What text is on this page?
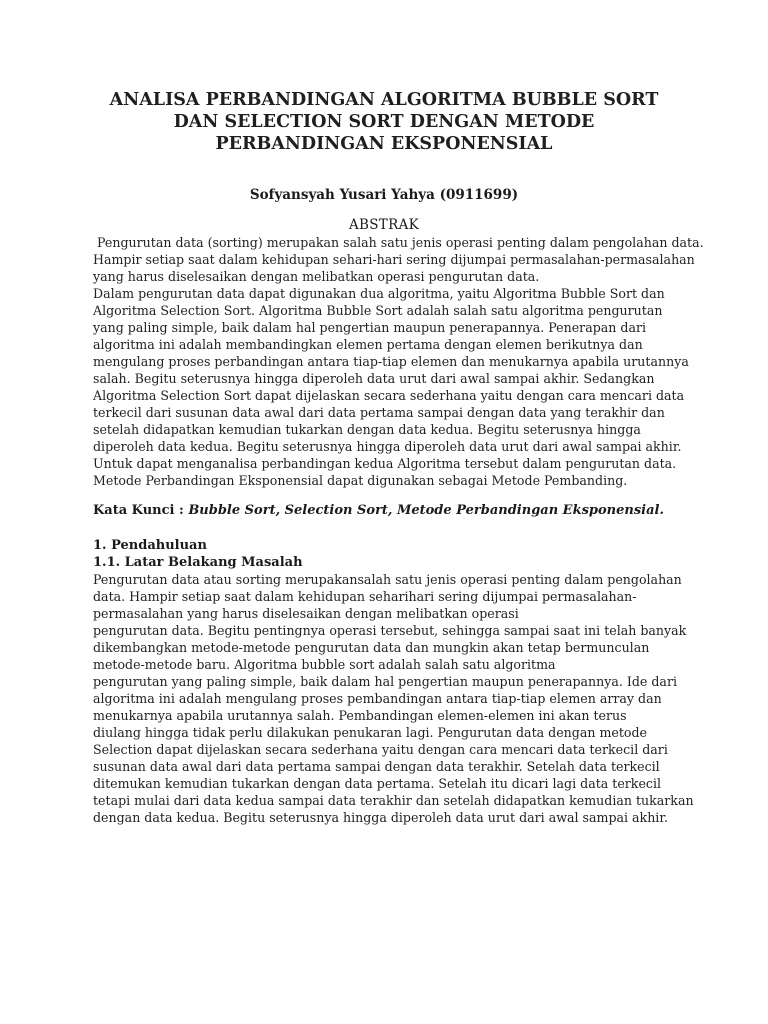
ANALISA PERBANDINGAN ALGORITMA BUBBLE SORT
DAN SELECTION SORT DENGAN METODE
PERBANDINGAN EKSPONENSIAL
Sofyansyah Yusari Yahya (0911699)
ABSTRAK
Pengurutan data (sorting) merupakan salah satu jenis operasi penting dalam pengolahan data.
Hampir setiap saat dalam kehidupan sehari-hari sering dijumpai permasalahan-permasalahan
yang harus diselesaikan dengan melibatkan operasi pengurutan data.
Dalam pengurutan data dapat digunakan dua algoritma, yaitu Algoritma Bubble Sort dan
Algoritma Selection Sort. Algoritma Bubble Sort adalah salah satu algoritma pengurutan
yang paling simple, baik dalam hal pengertian maupun penerapannya. Penerapan dari
algoritma ini adalah membandingkan elemen pertama dengan elemen berikutnya dan
mengulang proses perbandingan antara tiap-tiap elemen dan menukarnya apabila urutannya
salah. Begitu seterusnya hingga diperoleh data urut dari awal sampai akhir. Sedangkan
Algoritma Selection Sort dapat dijelaskan secara sederhana yaitu dengan cara mencari data
terkecil dari susunan data awal dari data pertama sampai dengan data yang terakhir dan
setelah didapatkan kemudian tukarkan dengan data kedua. Begitu seterusnya hingga
diperoleh data kedua. Begitu seterusnya hingga diperoleh data urut dari awal sampai akhir.
Untuk dapat menganalisa perbandingan kedua Algoritma tersebut dalam pengurutan data.
Metode Perbandingan Eksponensial dapat digunakan sebagai Metode Pembanding.
Kata Kunci : Bubble Sort, Selection Sort, Metode Perbandingan Eksponensial.
1. Pendahuluan
1.1. Latar Belakang Masalah
Pengurutan data atau sorting merupakansalah satu jenis operasi penting dalam pengolahan
data. Hampir setiap saat dalam kehidupan seharihari sering dijumpai permasalahan-
permasalahan yang harus diselesaikan dengan melibatkan operasi
pengurutan data. Begitu pentingnya operasi tersebut, sehingga sampai saat ini telah banyak
dikembangkan metode-metode pengurutan data dan mungkin akan tetap bermunculan
metode-metode baru. Algoritma bubble sort adalah salah satu algoritma
pengurutan yang paling simple, baik dalam hal pengertian maupun penerapannya. Ide dari
algoritma ini adalah mengulang proses pembandingan antara tiap-tiap elemen array dan
menukarnya apabila urutannya salah. Pembandingan elemen-elemen ini akan terus
diulang hingga tidak perlu dilakukan penukaran lagi. Pengurutan data dengan metode
Selection dapat dijelaskan secara sederhana yaitu dengan cara mencari data terkecil dari
susunan data awal dari data pertama sampai dengan data terakhir. Setelah data terkecil
ditemukan kemudian tukarkan dengan data pertama. Setelah itu dicari lagi data terkecil
tetapi mulai dari data kedua sampai data terakhir dan setelah didapatkan kemudian tukarkan
dengan data kedua. Begitu seterusnya hingga diperoleh data urut dari awal sampai akhir.
